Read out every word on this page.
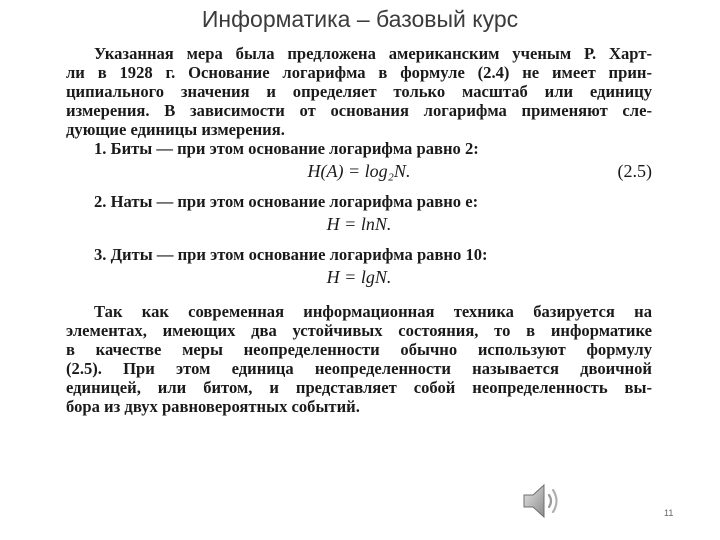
Информатика – базовый курс

Указанная мера была предложена американским ученым Р. Харт-
ли в 1928 г. Основание логарифма в формуле (2.4) не имеет прин-
ципиального значения и определяет только масштаб или единицу
измерения. В зависимости от основания логарифма применяют сле-
дующие единицы измерения.

1. Биты — при этом основание логарифма равно 2:

H(A) = log₂N.	(2.5)

2. Наты — при этом основание логарифма равно e:

H = lnN.

3. Диты — при этом основание логарифма равно 10:

H = lgN.

Так как современная информационная техника базируется на
элементах, имеющих два устойчивых состояния, то в информатике
в качестве меры неопределенности обычно используют формулу
(2.5). При этом единица неопределенности называется двоичной
единицей, или битом, и представляет собой неопределенность вы-
бора из двух равновероятных событий.

11
